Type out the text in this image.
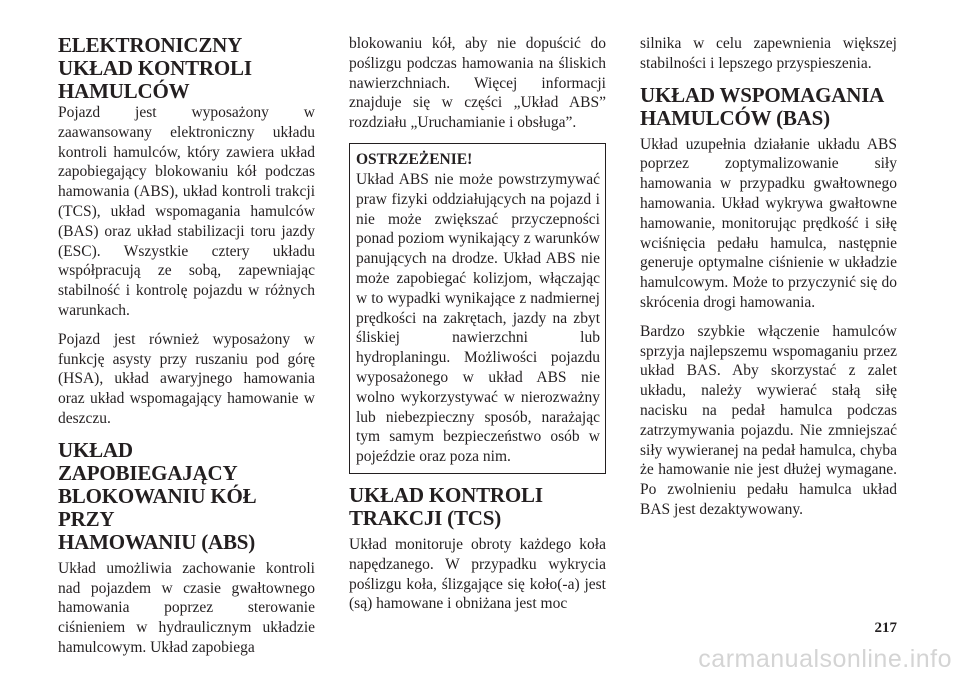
ELEKTRONICZNY
UKŁAD KONTROLI
HAMULCÓW

Pojazd jest wyposażony w zaawansowany elektroniczny układu kontroli hamulców, który zawiera układ zapobiegający blokowaniu kół podczas hamowania (ABS), układ kontroli trakcji (TCS), układ wspomagania hamulców (BAS) oraz układ stabilizacji toru jazdy (ESC). Wszystkie cztery układu współpracują ze sobą, zapewniając stabilność i kontrolę pojazdu w różnych warunkach.

Pojazd jest również wyposażony w funkcję asysty przy ruszaniu pod górę (HSA), układ awaryjnego hamowania oraz układ wspomagający hamowanie w deszczu.

UKŁAD ZAPOBIEGAJĄCY
BLOKOWANIU KÓŁ PRZY
HAMOWANIU (ABS)

Układ umożliwia zachowanie kontroli nad pojazdem w czasie gwałtownego hamowania poprzez sterowanie ciśnieniem w hydraulicznym układzie hamulcowym. Układ zapobiega

blokowaniu kół, aby nie dopuścić do poślizgu podczas hamowania na śliskich nawierzchniach. Więcej informacji znajduje się w części „Układ ABS” rozdziału „Uruchamianie i obsługa”.

OSTRZEŻENIE!

Układ ABS nie może powstrzymywać praw fizyki oddziałujących na pojazd i nie może zwiększać przyczepności ponad poziom wynikający z warunków panujących na drodze. Układ ABS nie może zapobiegać kolizjom, włączając w to wypadki wynikające z nadmiernej prędkości na zakrętach, jazdy na zbyt śliskiej nawierzchni lub hydroplaningu. Możliwości pojazdu wyposażonego w układ ABS nie wolno wykorzystywać w nierozważny lub niebezpieczny sposób, narażając tym samym bezpieczeństwo osób w pojeździe oraz poza nim.

UKŁAD KONTROLI
TRAKCJI (TCS)

Układ monitoruje obroty każdego koła napędzanego. W przypadku wykrycia poślizgu koła, ślizgające się koło(-a) jest (są) hamowane i obniżana jest moc

silnika w celu zapewnienia większej stabilności i lepszego przyspieszenia.

UKŁAD WSPOMAGANIA
HAMULCÓW (BAS)

Układ uzupełnia działanie układu ABS poprzez zoptymalizowanie siły hamowania w przypadku gwałtownego hamowania. Układ wykrywa gwałtowne hamowanie, monitorując prędkość i siłę wciśnięcia pedału hamulca, następnie generuje optymalne ciśnienie w układzie hamulcowym. Może to przyczynić się do skrócenia drogi hamowania.

Bardzo szybkie włączenie hamulców sprzyja najlepszemu wspomaganiu przez układ BAS. Aby skorzystać z zalet układu, należy wywierać stałą siłę nacisku na pedał hamulca podczas zatrzymywania pojazdu. Nie zmniejszać siły wywieranej na pedał hamulca, chyba że hamowanie nie jest dłużej wymagane. Po zwolnieniu pedału hamulca układ BAS jest dezaktywowany.

217
carmanualsonline.info
